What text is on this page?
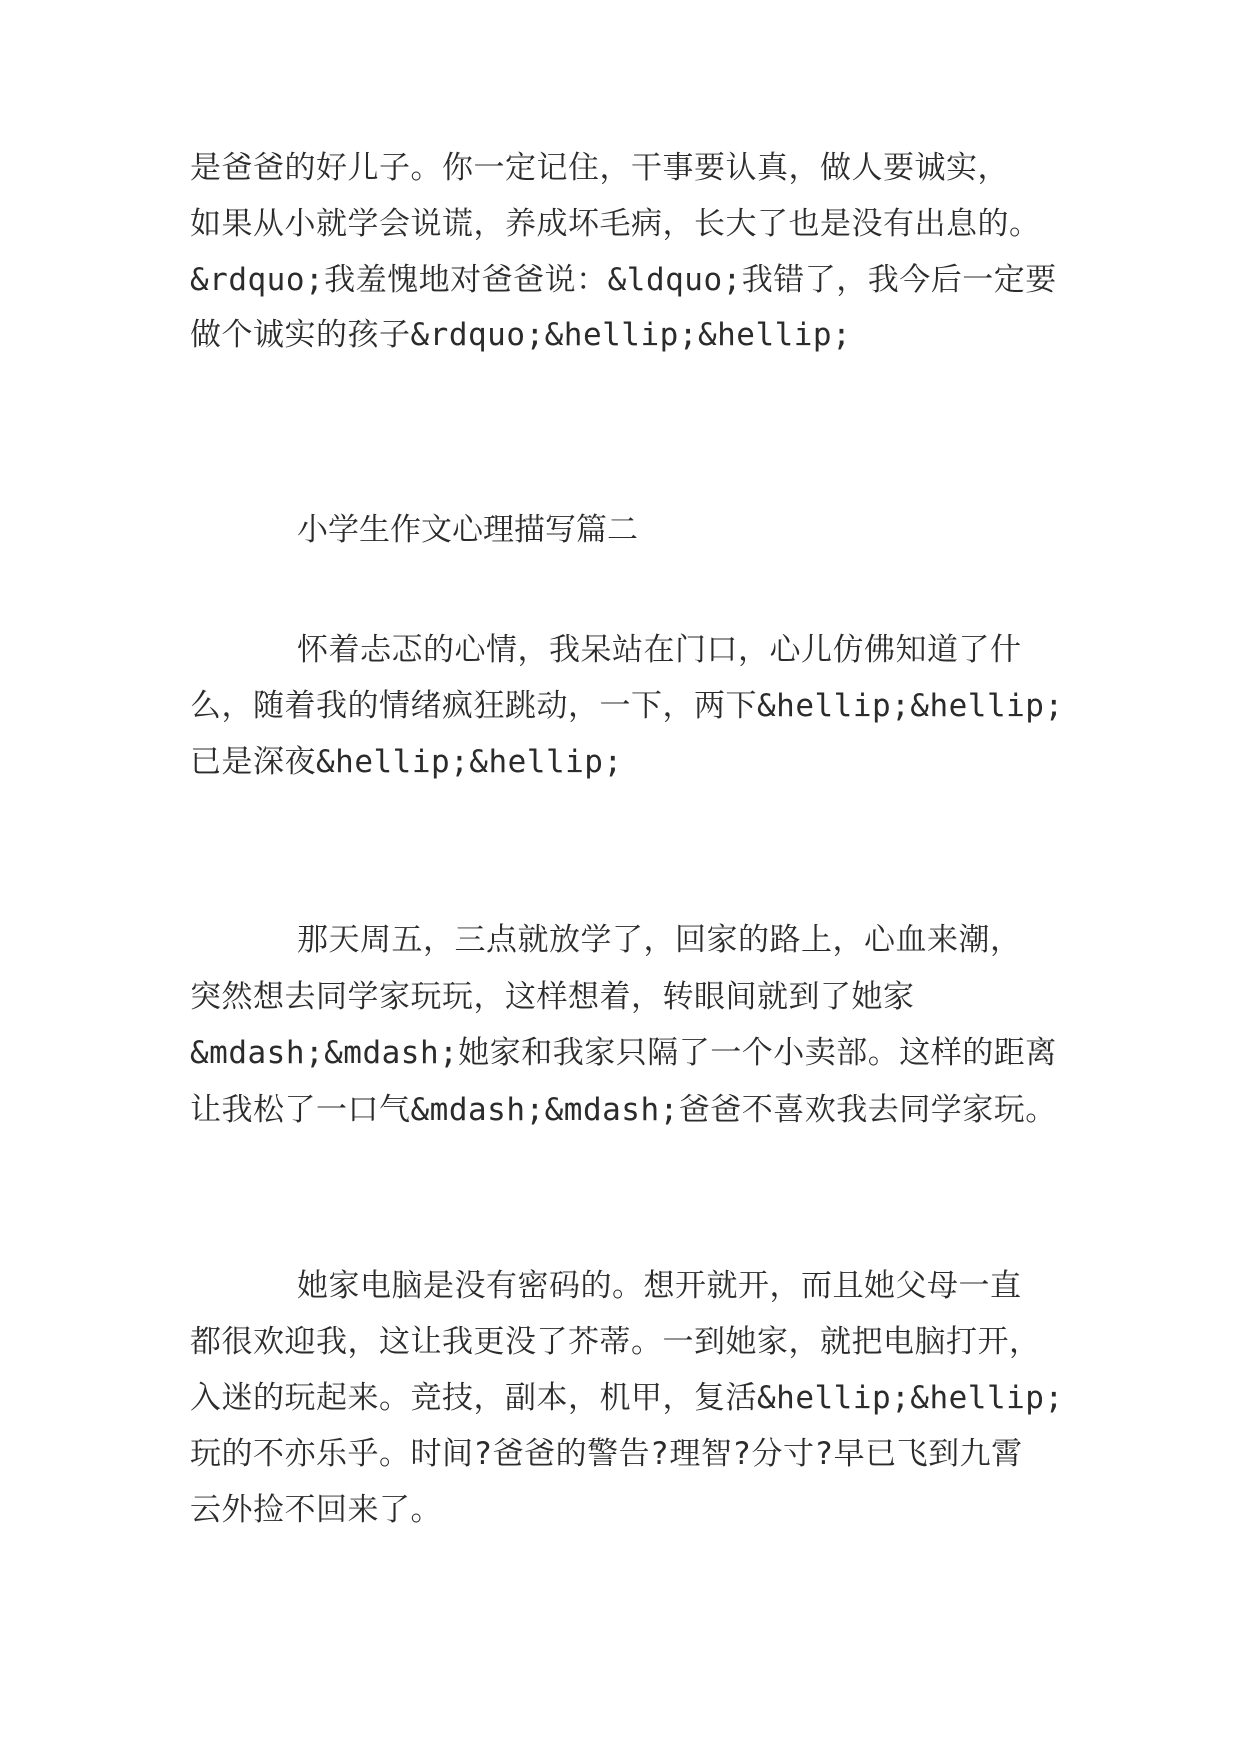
是爸爸的好儿子。你一定记住，干事要认真，做人要诚实，
如果从小就学会说谎，养成坏毛病，长大了也是没有出息的。
&rdquo;我羞愧地对爸爸说：&ldquo;我错了，我今后一定要
做个诚实的孩子&rdquo;&hellip;&hellip;
小学生作文心理描写篇二
怀着忐忑的心情，我呆站在门口，心儿仿佛知道了什
么，随着我的情绪疯狂跳动，一下，两下&hellip;&hellip;
已是深夜&hellip;&hellip;
那天周五，三点就放学了，回家的路上，心血来潮，
突然想去同学家玩玩，这样想着，转眼间就到了她家
&mdash;&mdash;她家和我家只隔了一个小卖部。这样的距离
让我松了一口气&mdash;&mdash;爸爸不喜欢我去同学家玩。
她家电脑是没有密码的。想开就开，而且她父母一直
都很欢迎我，这让我更没了芥蒂。一到她家，就把电脑打开，
入迷的玩起来。竞技，副本，机甲，复活&hellip;&hellip;
玩的不亦乐乎。时间?爸爸的警告?理智?分寸?早已飞到九霄
云外捡不回来了。
